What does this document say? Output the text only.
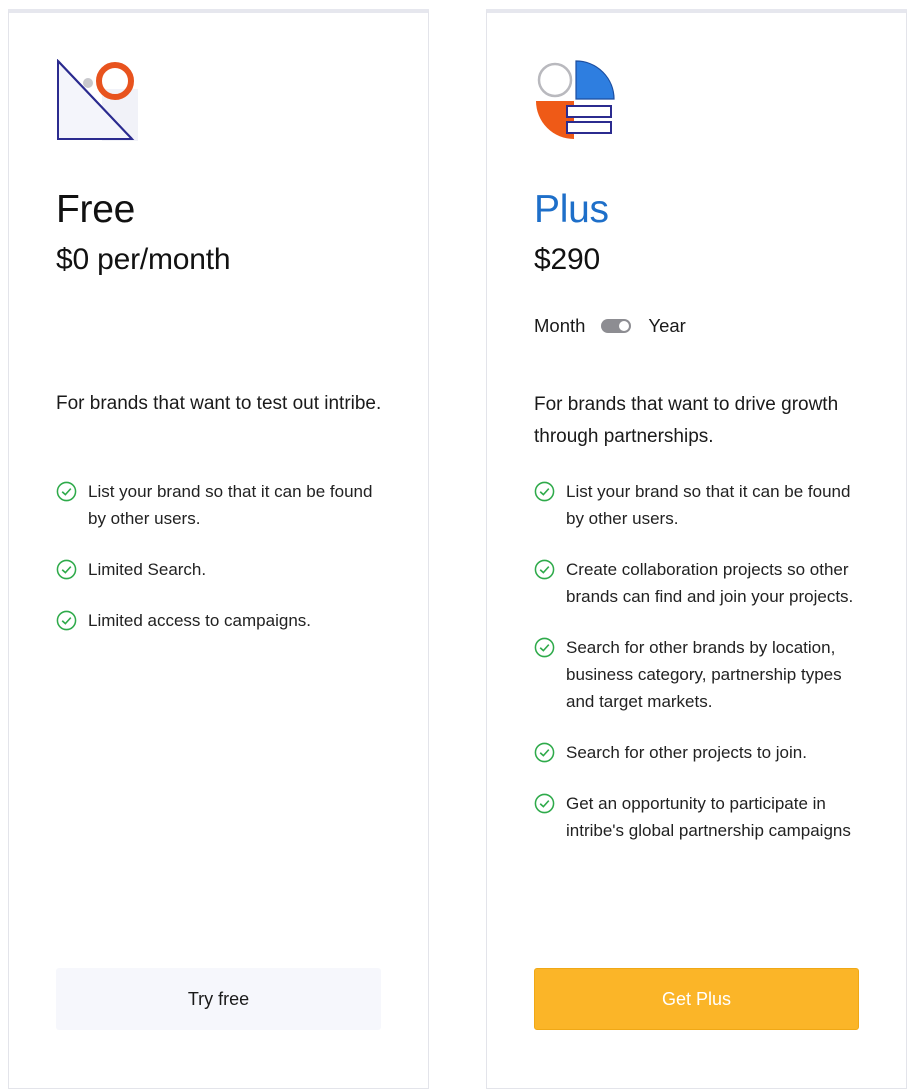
Free
$0 per/month
For brands that want to test out intribe.
List your brand so that it can be found by other users.
Limited Search.
Limited access to campaigns.
Try free
Plus
$290
Month	Year
For brands that want to drive growth through partnerships.
List your brand so that it can be found by other users.
Create collaboration projects so other brands can find and join your projects.
Search for other brands by location, business category, partnership types and target markets.
Search for other projects to join.
Get an opportunity to participate in intribe's global partnership campaigns
Get Plus
